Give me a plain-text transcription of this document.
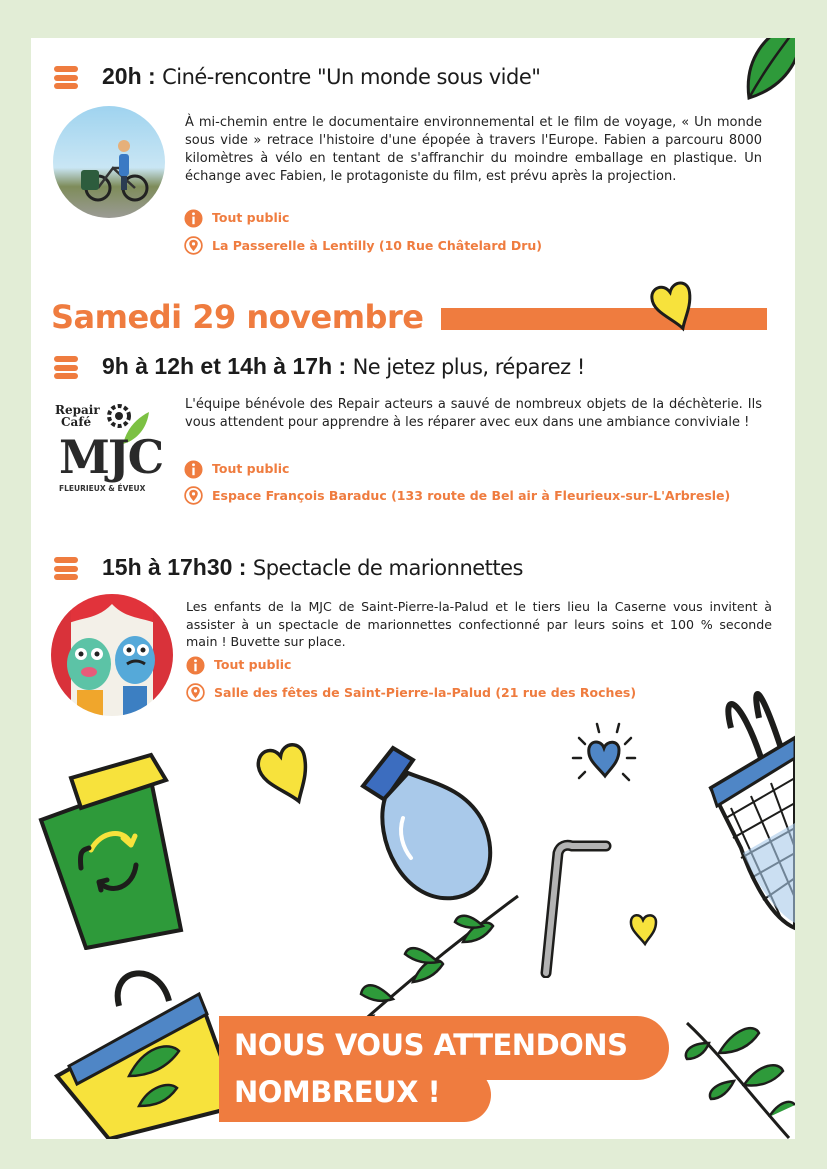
20h : Ciné-rencontre "Un monde sous vide"
À mi-chemin entre le documentaire environnemental et le film de voyage, « Un monde sous vide » retrace l'histoire d'une épopée à travers l'Europe. Fabien a parcouru 8000 kilomètres à vélo en tentant de s'affranchir du moindre emballage en plastique. Un échange avec Fabien, le protagoniste du film, est prévu après la projection.
Tout public
La Passerelle à Lentilly (10 Rue Châtelard Dru)
Samedi 29 novembre
9h à 12h et 14h à 17h : Ne jetez plus, réparez !
Repair
Café
MJC
FLEURIEUX & ÉVEUX
L'équipe bénévole des Repair acteurs a sauvé de nombreux objets de la déchèterie. Ils vous attendent pour apprendre à les réparer avec eux dans une ambiance conviviale !
Tout public
Espace François Baraduc (133 route de Bel air à Fleurieux-sur-L'Arbresle)
15h à 17h30 : Spectacle de marionnettes
Les enfants de la MJC de Saint-Pierre-la-Palud et le tiers lieu la Caserne vous invitent à assister à un spectacle de marionnettes confectionné par leurs soins et 100 % seconde main ! Buvette sur place.
Tout public
Salle des fêtes de Saint-Pierre-la-Palud (21 rue des Roches)
NOUS VOUS ATTENDONS
NOMBREUX !
